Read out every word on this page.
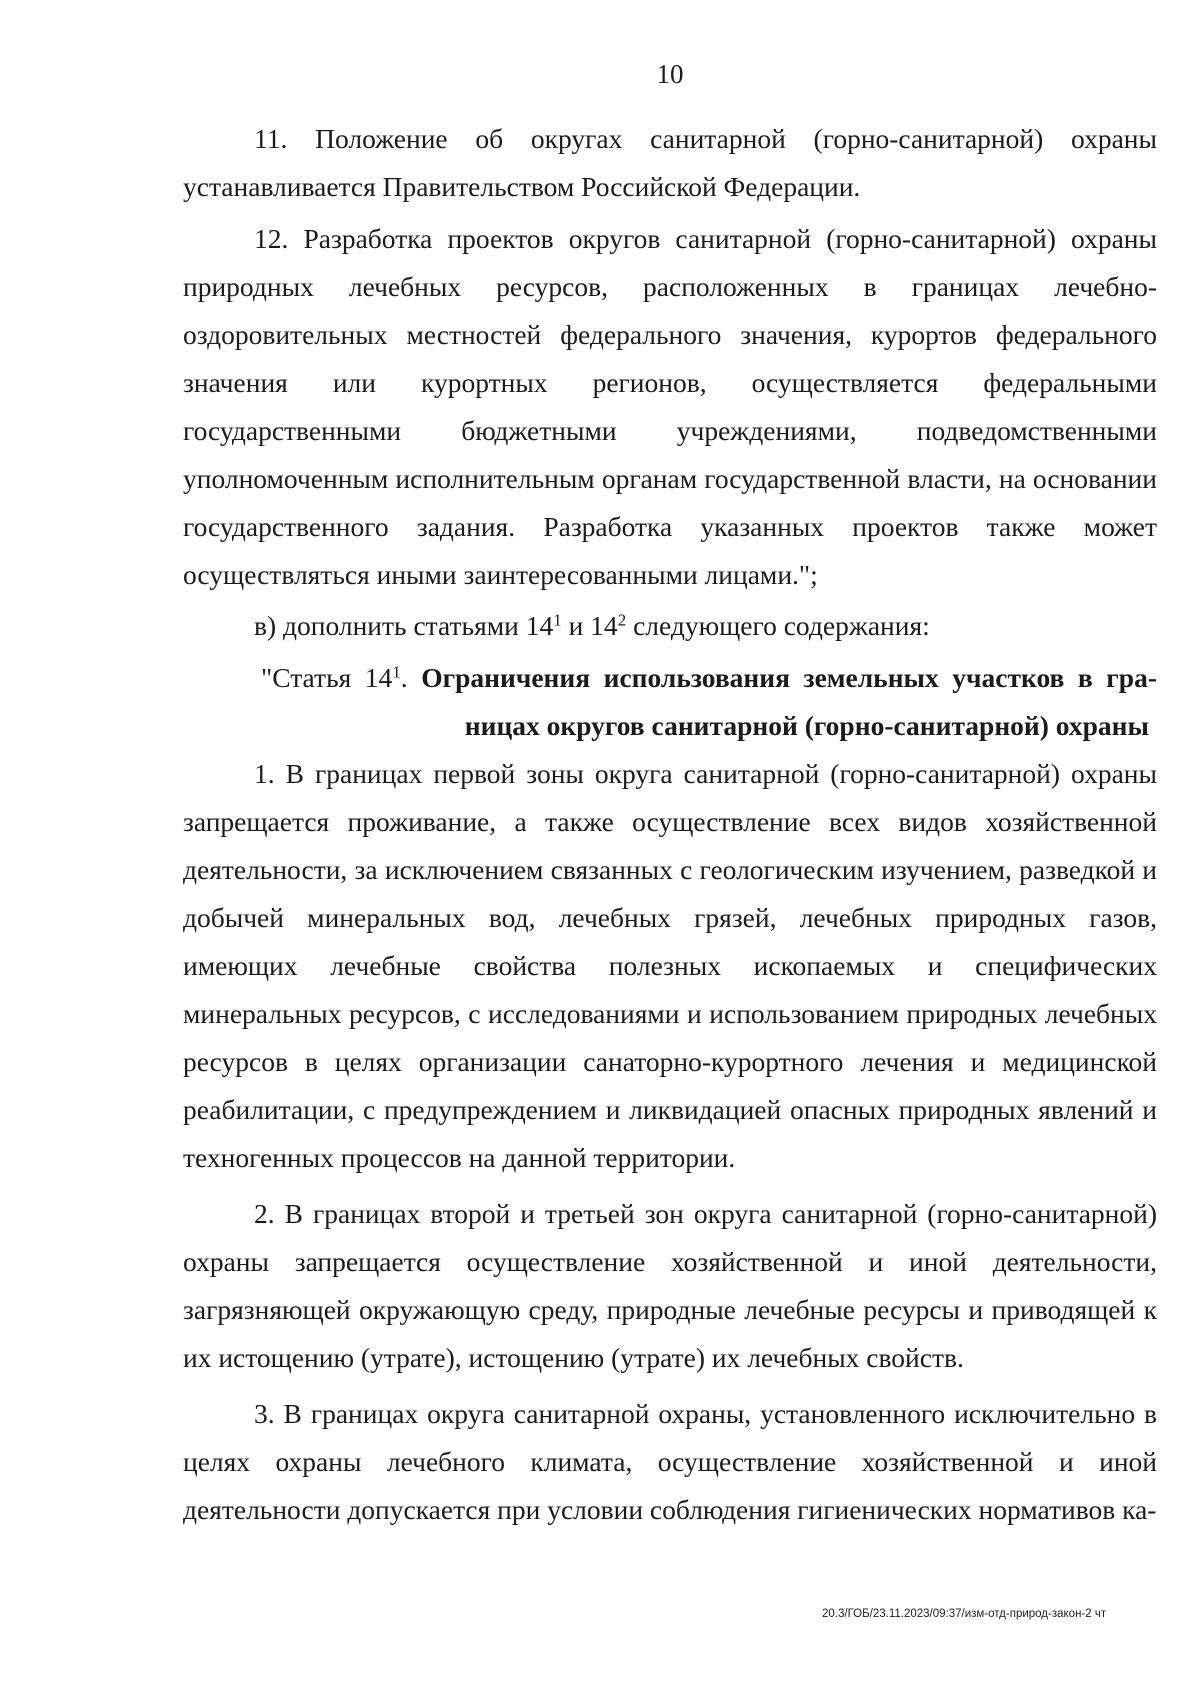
10

11. Положение об округах санитарной (горно-санитарной) охраны устанавливается Правительством Российской Федерации.

12. Разработка проектов округов санитарной (горно-санитарной) охраны природных лечебных ресурсов, расположенных в границах лечебно-оздоровительных местностей федерального значения, курортов федерального значения или курортных регионов, осуществляется федеральными государственными бюджетными учреждениями, подведомственными уполномоченным исполнительным органам государственной власти, на основании государственного задания. Разработка указанных проектов также может осуществляться иными заинтересованными лицами.";

в) дополнить статьями $14^1$ и $14^2$ следующего содержания:

"Статья $14^1$. Ограничения использования земельных участков в гра-
ницах округов санитарной (горно-санитарной) охраны

1. В границах первой зоны округа санитарной (горно-санитарной) охраны запрещается проживание, а также осуществление всех видов хозяйственной деятельности, за исключением связанных с геологическим изучением, разведкой и добычей минеральных вод, лечебных грязей, лечебных природных газов, имеющих лечебные свойства полезных ископаемых и специфических минеральных ресурсов, с исследованиями и использованием природных лечебных ресурсов в целях организации санаторно-курортного лечения и медицинской реабилитации, с предупреждением и ликвидацией опасных природных явлений и техногенных процессов на данной территории.

2. В границах второй и третьей зон округа санитарной (горно-санитарной) охраны запрещается осуществление хозяйственной и иной деятельности, загрязняющей окружающую среду, природные лечебные ресурсы и приводящей к их истощению (утрате), истощению (утрате) их лечебных свойств.

3. В границах округа санитарной охраны, установленного исключительно в целях охраны лечебного климата, осуществление хозяйственной и иной деятельности допускается при условии соблюдения гигиенических нормативов ка-

20.3/ГОБ/23.11.2023/09:37/изм-отд-природ-закон-2 чт
